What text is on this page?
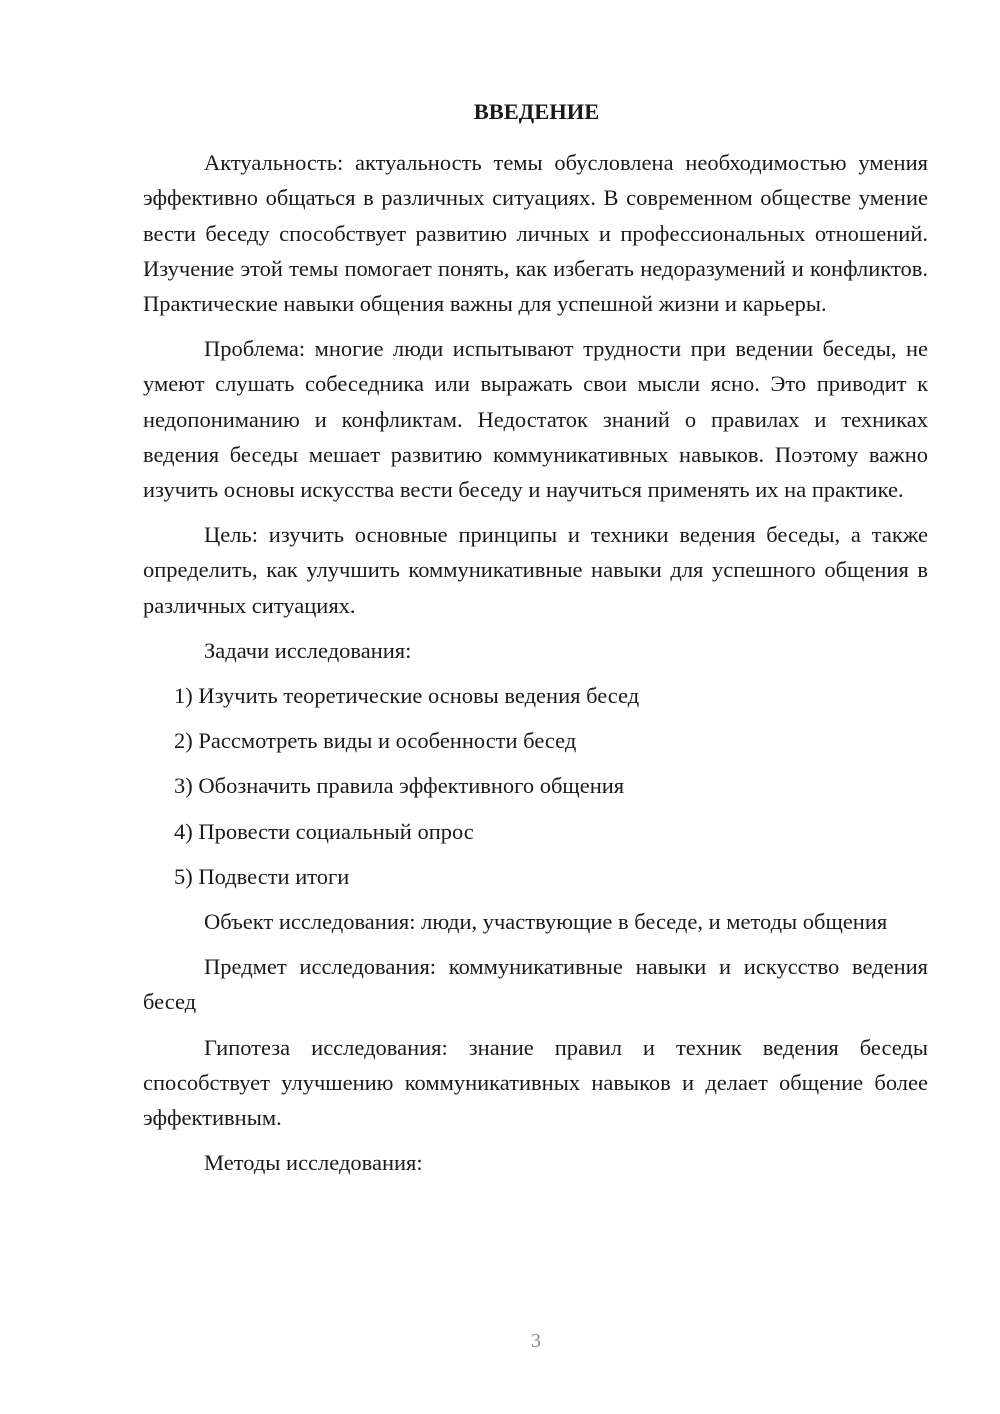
ВВЕДЕНИЕ
Актуальность: актуальность темы обусловлена необходимостью умения эффективно общаться в различных ситуациях. В современном обществе умение вести беседу способствует развитию личных и профессиональных отношений. Изучение этой темы помогает понять, как избегать недоразумений и конфликтов. Практические навыки общения важны для успешной жизни и карьеры.
Проблема: многие люди испытывают трудности при ведении беседы, не умеют слушать собеседника или выражать свои мысли ясно. Это приводит к недопониманию и конфликтам. Недостаток знаний о правилах и техниках ведения беседы мешает развитию коммуникативных навыков. Поэтому важно изучить основы искусства вести беседу и научиться применять их на практике.
Цель: изучить основные принципы и техники ведения беседы, а также определить, как улучшить коммуникативные навыки для успешного общения в различных ситуациях.
Задачи исследования:
1) Изучить теоретические основы ведения бесед
2) Рассмотреть виды и особенности бесед
3) Обозначить правила эффективного общения
4) Провести социальный опрос
5) Подвести итоги
Объект исследования: люди, участвующие в беседе, и методы общения
Предмет исследования: коммуникативные навыки и искусство ведения бесед
Гипотеза исследования: знание правил и техник ведения беседы способствует улучшению коммуникативных навыков и делает общение более эффективным.
Методы исследования:
3
